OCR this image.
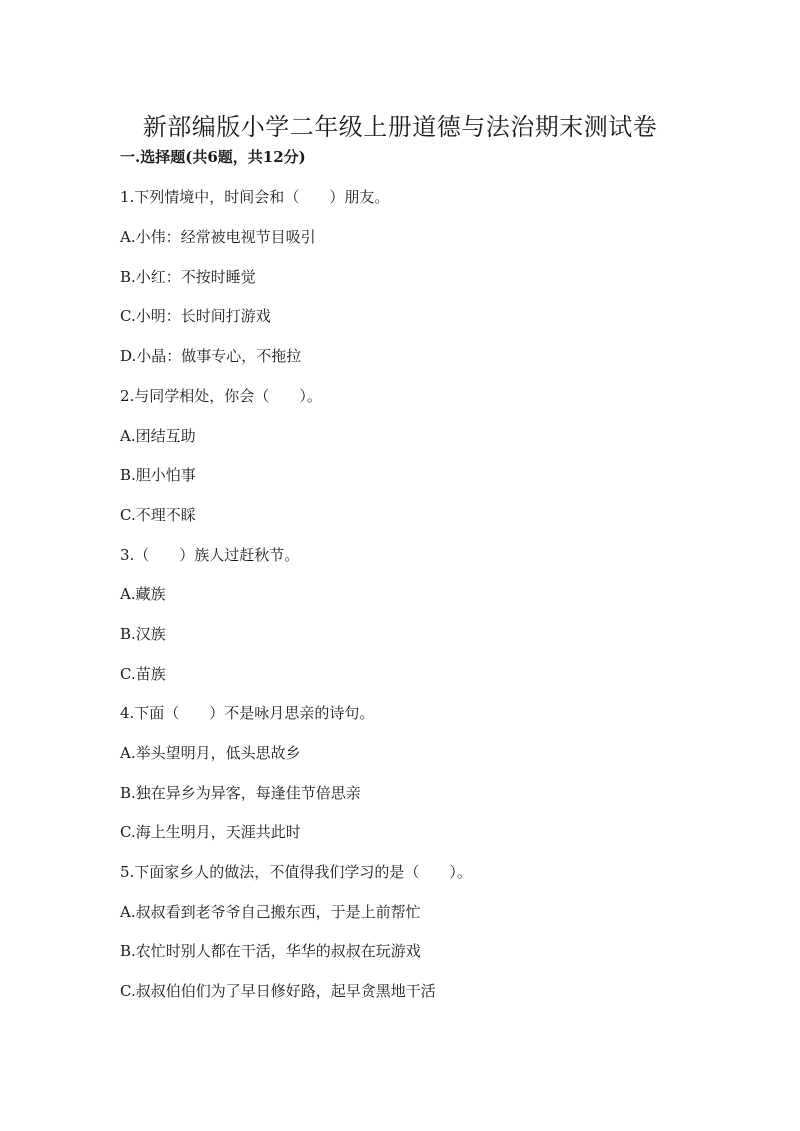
新部编版小学二年级上册道德与法治期末测试卷
一.选择题(共6题，共12分)
1.下列情境中，时间会和（　　）朋友。
A.小伟：经常被电视节目吸引
B.小红：不按时睡觉
C.小明：长时间打游戏
D.小晶：做事专心，不拖拉
2.与同学相处，你会（　　）。
A.团结互助
B.胆小怕事
C.不理不睬
3.（　　）族人过赶秋节。
A.藏族
B.汉族
C.苗族
4.下面（　　）不是咏月思亲的诗句。
A.举头望明月，低头思故乡
B.独在异乡为异客，每逢佳节倍思亲
C.海上生明月，天涯共此时
5.下面家乡人的做法，不值得我们学习的是（　　）。
A.叔叔看到老爷爷自己搬东西，于是上前帮忙
B.农忙时别人都在干活，华华的叔叔在玩游戏
C.叔叔伯伯们为了早日修好路，起早贪黑地干活
